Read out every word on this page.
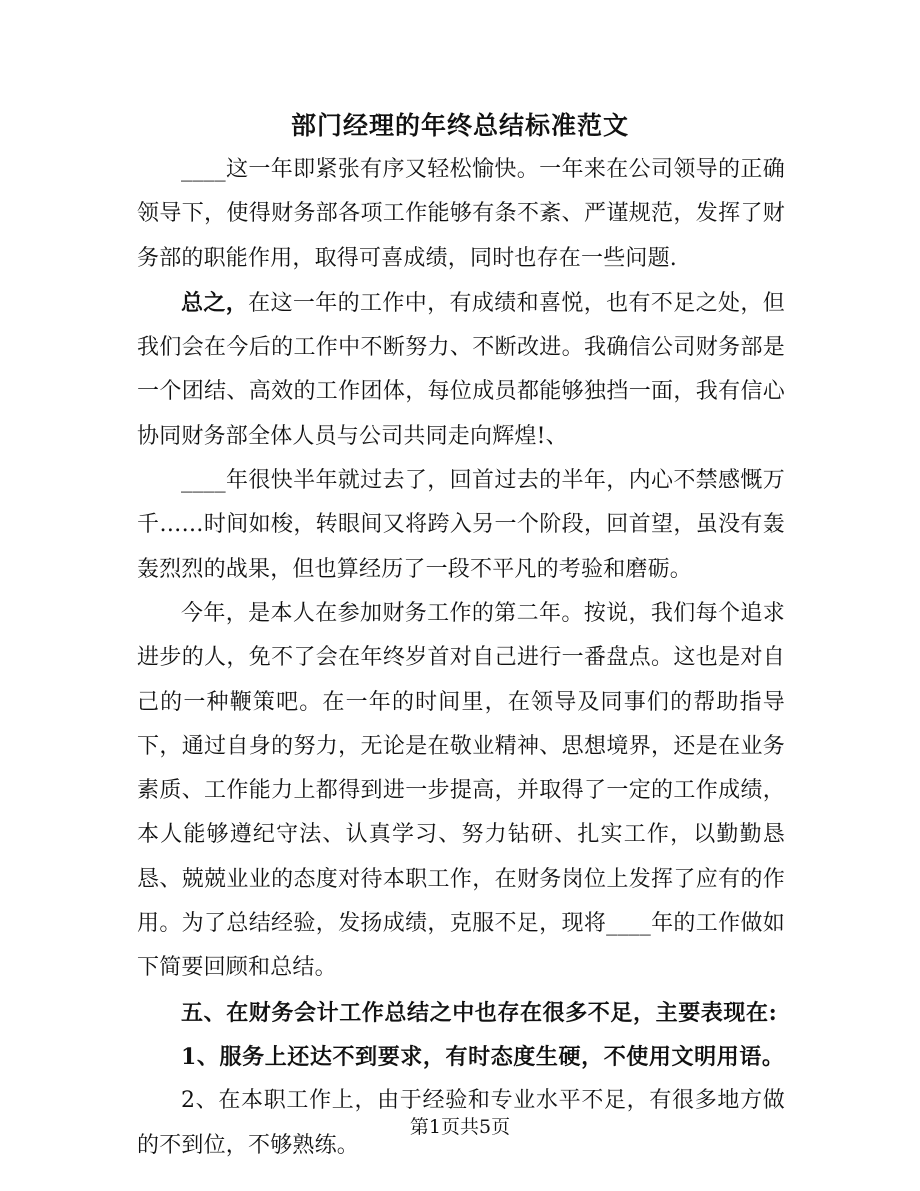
部门经理的年终总结标准范文

____这一年即紧张有序又轻松愉快。一年来在公司领导的正确领导下，使得财务部各项工作能够有条不紊、严谨规范，发挥了财务部的职能作用，取得可喜成绩，同时也存在一些问题.

总之，在这一年的工作中，有成绩和喜悦，也有不足之处，但我们会在今后的工作中不断努力、不断改进。我确信公司财务部是一个团结、高效的工作团体，每位成员都能够独挡一面，我有信心协同财务部全体人员与公司共同走向辉煌!、

____年很快半年就过去了，回首过去的半年，内心不禁感慨万千……时间如梭，转眼间又将跨入另一个阶段，回首望，虽没有轰轰烈烈的战果，但也算经历了一段不平凡的考验和磨砺。

今年，是本人在参加财务工作的第二年。按说，我们每个追求进步的人，免不了会在年终岁首对自己进行一番盘点。这也是对自己的一种鞭策吧。在一年的时间里，在领导及同事们的帮助指导下，通过自身的努力，无论是在敬业精神、思想境界，还是在业务素质、工作能力上都得到进一步提高，并取得了一定的工作成绩，本人能够遵纪守法、认真学习、努力钻研、扎实工作，以勤勤恳恳、兢兢业业的态度对待本职工作，在财务岗位上发挥了应有的作用。为了总结经验，发扬成绩，克服不足，现将____年的工作做如下简要回顾和总结。

五、在财务会计工作总结之中也存在很多不足，主要表现在:

1、服务上还达不到要求，有时态度生硬，不使用文明用语。

2、在本职工作上，由于经验和专业水平不足，有很多地方做的不到位，不够熟练。

第1页共5页
